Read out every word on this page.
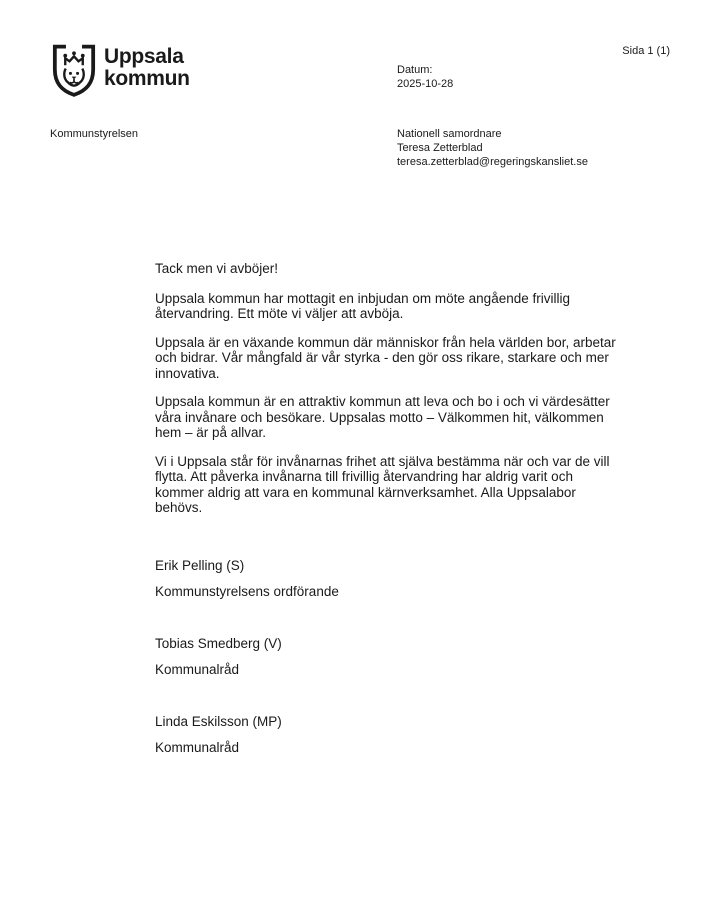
Uppsala
kommun
Sida 1 (1)
Datum:
2025-10-28
Kommunstyrelsen	Nationell samordnare
Teresa Zetterblad
teresa.zetterblad@regeringskansliet.se

Tack men vi avböjer!

Uppsala kommun har mottagit en inbjudan om möte angående frivillig återvandring. Ett möte vi väljer att avböja.

Uppsala är en växande kommun där människor från hela världen bor, arbetar och bidrar. Vår mångfald är vår styrka - den gör oss rikare, starkare och mer innovativa.

Uppsala kommun är en attraktiv kommun att leva och bo i och vi värdesätter våra invånare och besökare. Uppsalas motto – Välkommen hit, välkommen hem – är på allvar.

Vi i Uppsala står för invånarnas frihet att själva bestämma när och var de vill flytta. Att påverka invånarna till frivillig återvandring har aldrig varit och kommer aldrig att vara en kommunal kärnverksamhet. Alla Uppsalabor behövs.

Erik Pelling (S)

Kommunstyrelsens ordförande

Tobias Smedberg (V)

Kommunalråd

Linda Eskilsson (MP)

Kommunalråd
